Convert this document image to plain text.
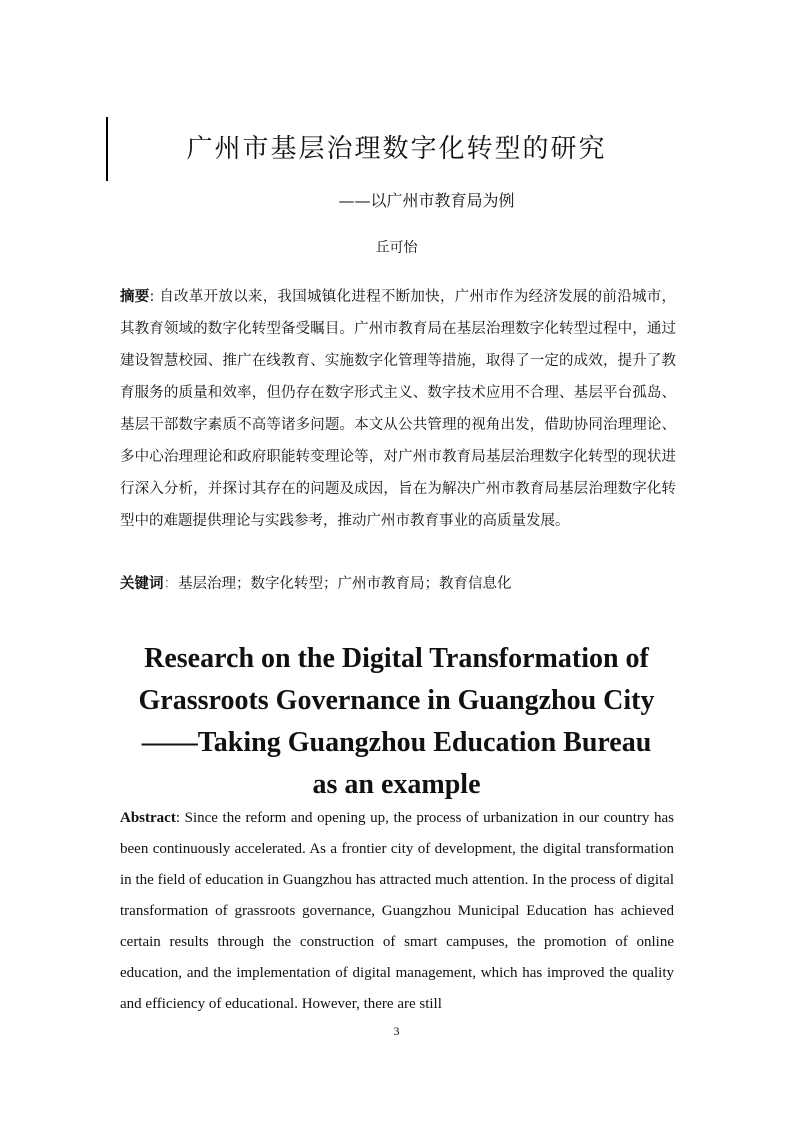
广州市基层治理数字化转型的研究

——以广州市教育局为例

丘可怡

摘要: 自改革开放以来，我国城镇化进程不断加快，广州市作为经济发展的前沿城市，其教育领域的数字化转型备受瞩目。广州市教育局在基层治理数字化转型过程中，通过建设智慧校园、推广在线教育、实施数字化管理等措施，取得了一定的成效，提升了教育服务的质量和效率，但仍存在数字形式主义、数字技术应用不合理、基层平台孤岛、基层干部数字素质不高等诸多问题。本文从公共管理的视角出发，借助协同治理理论、多中心治理理论和政府职能转变理论等，对广州市教育局基层治理数字化转型的现状进行深入分析，并探讨其存在的问题及成因，旨在为解决广州市教育局基层治理数字化转型中的难题提供理论与实践参考，推动广州市教育事业的高质量发展。

关键词：基层治理；数字化转型；广州市教育局；教育信息化

Research on the Digital Transformation of
Grassroots Governance in Guangzhou City
——Taking Guangzhou Education Bureau
as an example

Abstract: Since the reform and opening up, the process of urbanization in our country has been continuously accelerated. As a frontier city of development, the digital transformation in the field of education in Guangzhou has attracted much attention. In the process of digital transformation of grassroots governance, Guangzhou Municipal Education has achieved certain results through the construction of smart campuses, the promotion of online education, and the implementation of digital management, which has improved the quality and efficiency of educational. However, there are still

3
